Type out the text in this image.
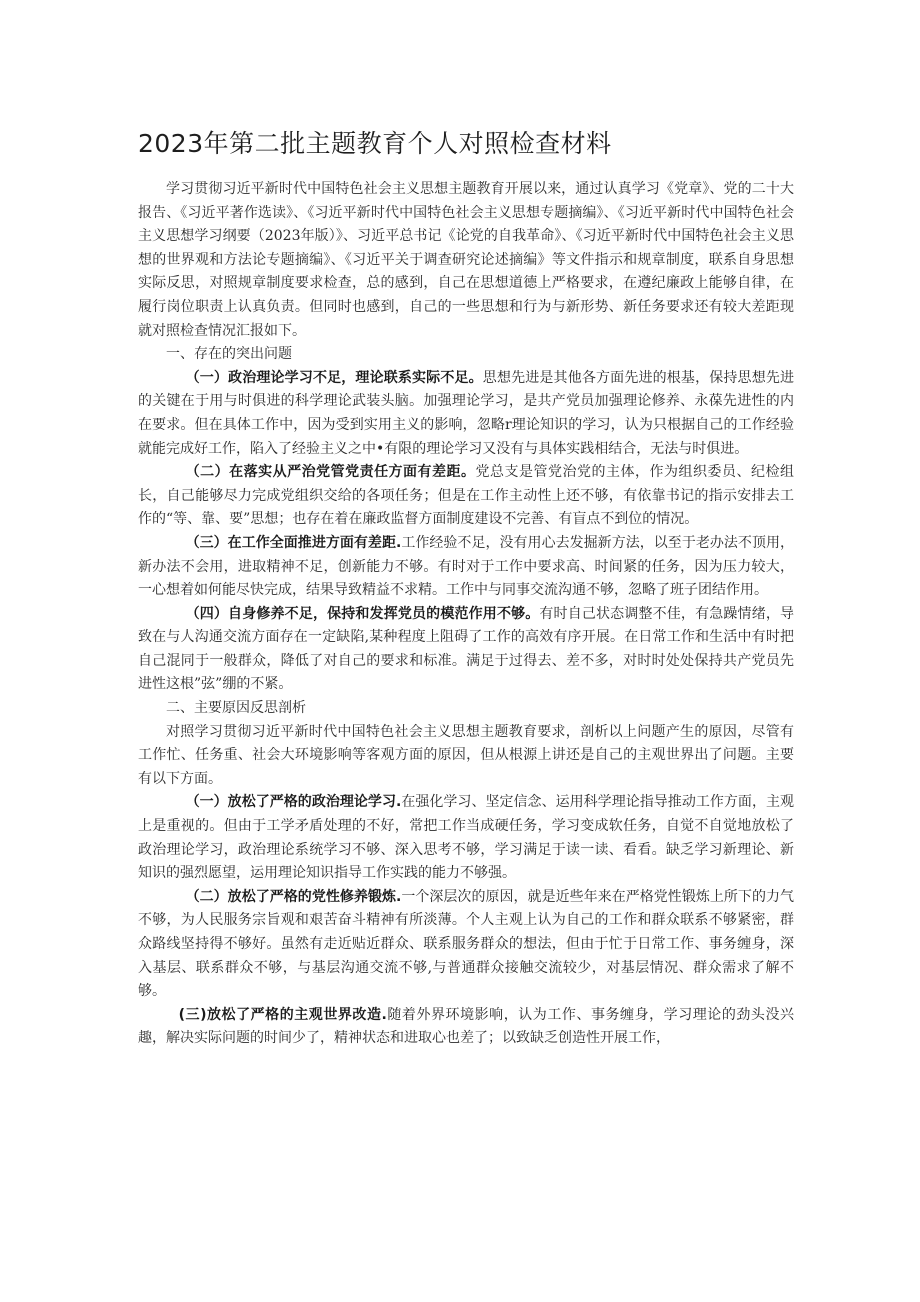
2023年第二批主题教育个人对照检查材料

学习贯彻习近平新时代中国特色社会主义思想主题教育开展以来，通过认真学习《党章》、党的二十大报告、《习近平著作选读》、《习近平新时代中国特色社会主义思想专题摘编》、《习近平新时代中国特色社会主义思想学习纲要（2023年版）》、习近平总书记《论党的自我革命》、《习近平新时代中国特色社会主义思想的世界观和方法论专题摘编》、《习近平关于调查研究论述摘编》等文件指示和规章制度，联系自身思想实际反思，对照规章制度要求检查，总的感到，自己在思想道德上严格要求，在遵纪廉政上能够自律，在履行岗位职责上认真负责。但同时也感到，自己的一些思想和行为与新形势、新任务要求还有较大差距现就对照检查情况汇报如下。

一、存在的突出问题

（一）政治理论学习不足，理论联系实际不足。思想先进是其他各方面先进的根基，保持思想先进的关键在于用与时俱进的科学理论武装头脑。加强理论学习，是共产党员加强理论修养、永葆先进性的内在要求。但在具体工作中，因为受到实用主义的影响，忽略r理论知识的学习，认为只根据自己的工作经验就能完成好工作，陷入了经验主义之中•有限的理论学习又没有与具体实践相结合，无法与时俱进。

（二）在落实从严治党管党责任方面有差距。党总支是管党治党的主体，作为组织委员、纪检组长，自己能够尽力完成党组织交给的各项任务；但是在工作主动性上还不够，有依靠书记的指示安排去工作的“等、靠、要”思想；也存在着在廉政监督方面制度建设不完善、有盲点不到位的情况。

（三）在工作全面推进方面有差距.工作经验不足，没有用心去发掘新方法，以至于老办法不顶用，新办法不会用，进取精神不足，创新能力不够。有时对于工作中要求高、时间紧的任务，因为压力较大，一心想着如何能尽快完成，结果导致精益不求精。工作中与同事交流沟通不够，忽略了班子团结作用。

（四）自身修养不足，保持和发挥党员的模范作用不够。有时自己状态调整不佳，有急躁情绪，导致在与人沟通交流方面存在一定缺陷,某种程度上阻碍了工作的高效有序开展。在日常工作和生活中有时把自己混同于一般群众，降低了对自己的要求和标准。满足于过得去、差不多，对时时处处保持共产党员先进性这根”弦”绷的不紧。

二、主要原因反思剖析

对照学习贯彻习近平新时代中国特色社会主义思想主题教育要求，剖析以上问题产生的原因，尽管有工作忙、任务重、社会大环境影响等客观方面的原因，但从根源上讲还是自己的主观世界出了问题。主要有以下方面。

（一）放松了严格的政治理论学习.在强化学习、坚定信念、运用科学理论指导推动工作方面，主观上是重视的。但由于工学矛盾处理的不好，常把工作当成硬任务，学习变成软任务，自觉不自觉地放松了政治理论学习，政治理论系统学习不够、深入思考不够，学习满足于读一读、看看。缺乏学习新理论、新知识的强烈愿望，运用理论知识指导工作实践的能力不够强。

（二）放松了严格的党性修养锻炼.一个深层次的原因，就是近些年来在严格党性锻炼上所下的力气不够，为人民服务宗旨观和艰苦奋斗精神有所淡薄。个人主观上认为自己的工作和群众联系不够紧密，群众路线坚持得不够好。虽然有走近贴近群众、联系服务群众的想法，但由于忙于日常工作、事务缠身，深入基层、联系群众不够，与基层沟通交流不够,与普通群众接触交流较少，对基层情况、群众需求了解不够。

(三)放松了严格的主观世界改造.随着外界环境影响，认为工作、事务缠身，学习理论的劲头没兴趣，解决实际问题的时间少了，精神状态和进取心也差了；以致缺乏创造性开展工作，
